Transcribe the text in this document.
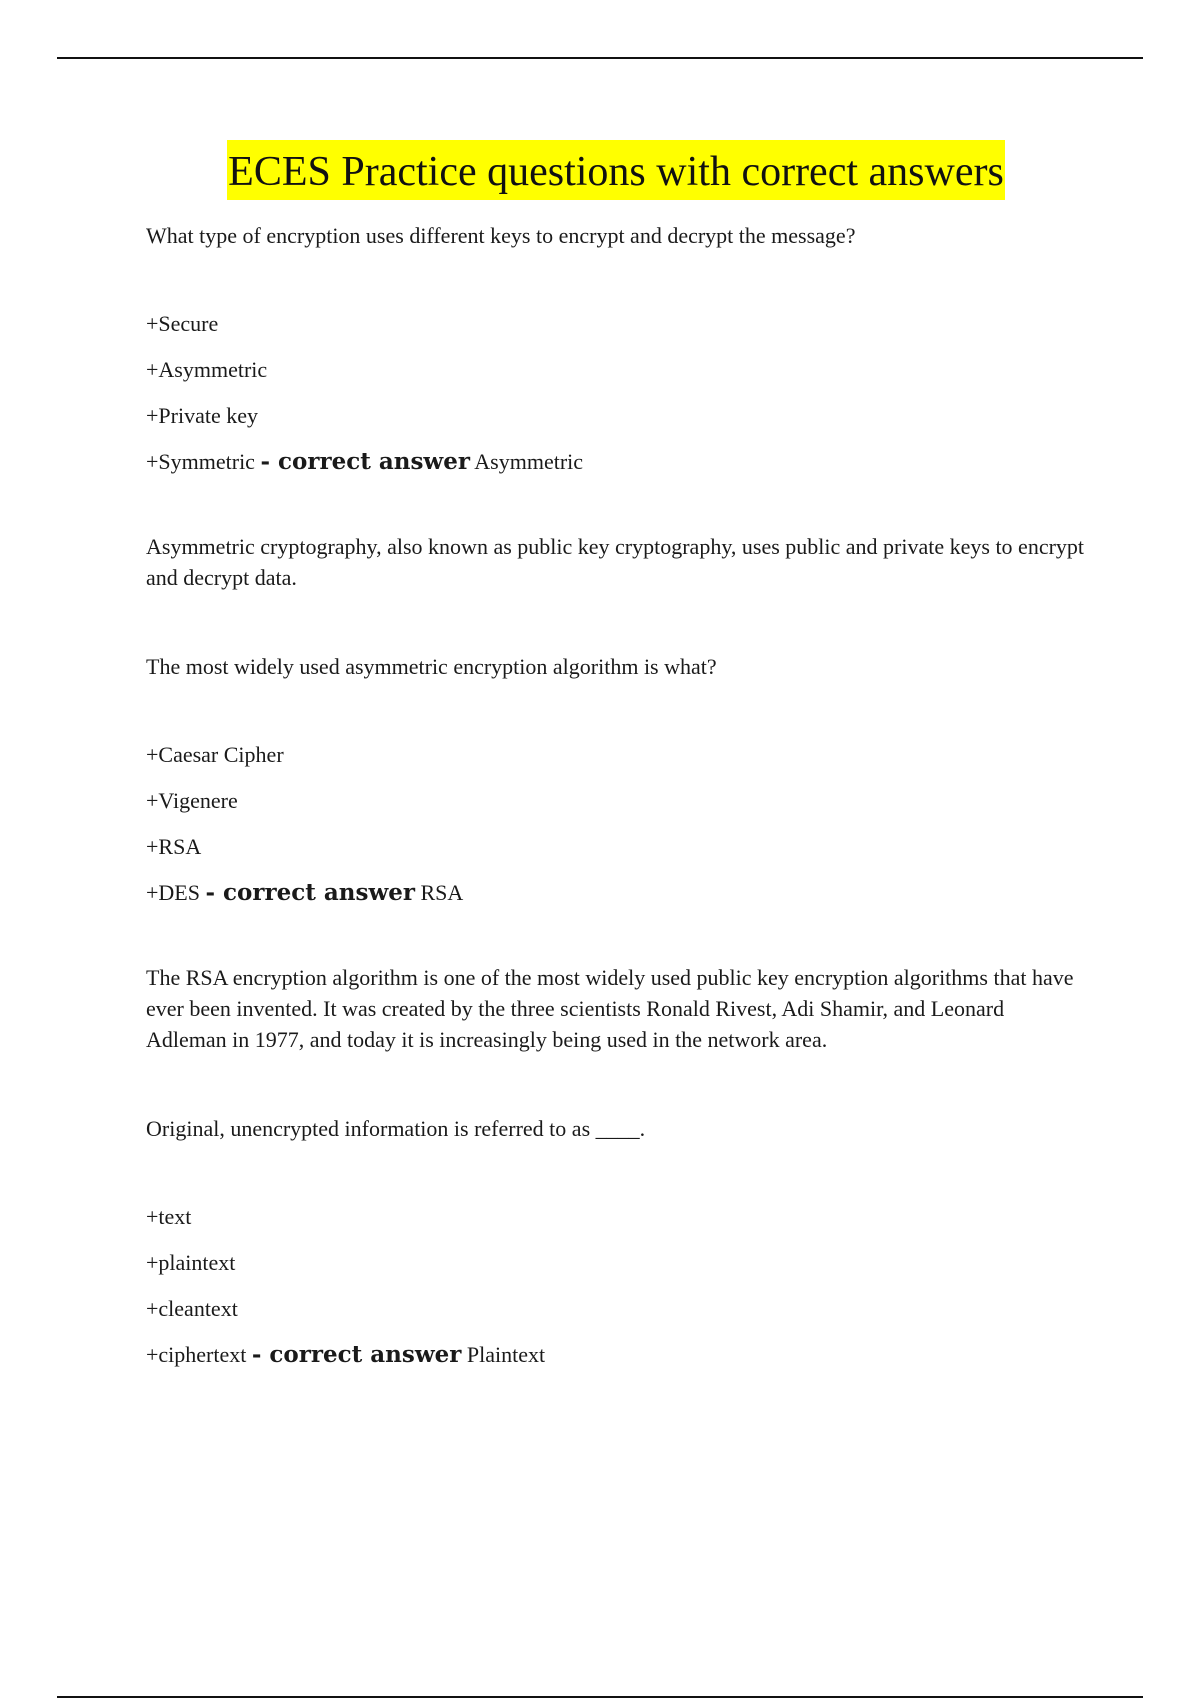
ECES Practice questions with correct answers

What type of encryption uses different keys to encrypt and decrypt the message?

+Secure
+Asymmetric
+Private key
+Symmetric - correct answer Asymmetric

Asymmetric cryptography, also known as public key cryptography, uses public and private keys to encrypt and decrypt data.

The most widely used asymmetric encryption algorithm is what?

+Caesar Cipher
+Vigenere
+RSA
+DES - correct answer RSA

The RSA encryption algorithm is one of the most widely used public key encryption algorithms that have ever been invented. It was created by the three scientists Ronald Rivest, Adi Shamir, and Leonard Adleman in 1977, and today it is increasingly being used in the network area.

Original, unencrypted information is referred to as ____.

+text
+plaintext
+cleantext
+ciphertext - correct answer Plaintext
